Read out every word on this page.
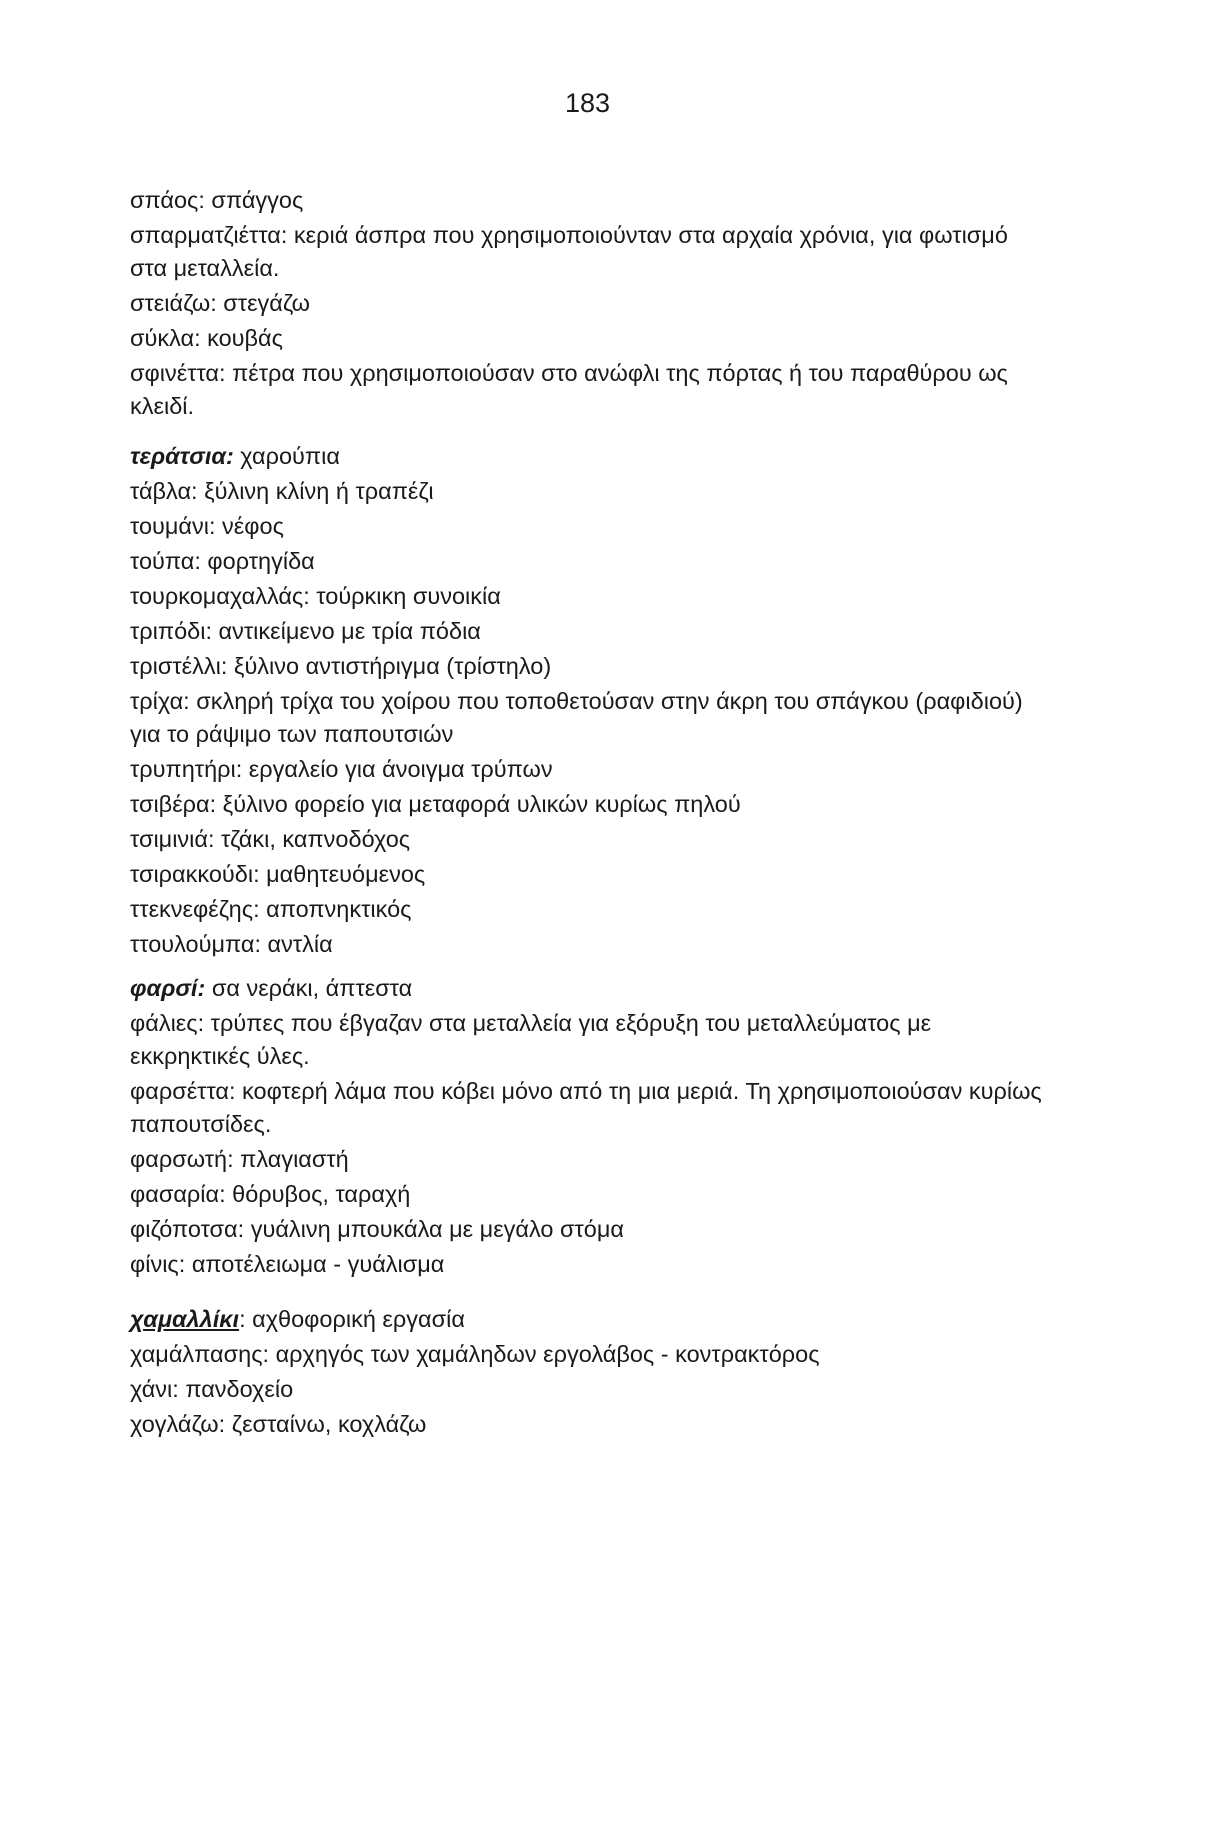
183

σπάος: σπάγγος

σπαρματζιέττα: κεριά άσπρα που χρησιμοποιούνταν στα αρχαία χρόνια, για φωτισμό στα μεταλλεία.

στειάζω: στεγάζω

σύκλα: κουβάς

σφινέττα: πέτρα που χρησιμοποιούσαν στο ανώφλι της πόρτας ή του παραθύρου ως κλειδί.

τεράτσια: χαρούπια

τάβλα: ξύλινη κλίνη ή τραπέζι

τουμάνι: νέφος

τούπα: φορτηγίδα

τουρκομαχαλλάς: τούρκικη συνοικία

τριπόδι: αντικείμενο με τρία πόδια

τριστέλλι: ξύλινο αντιστήριγμα (τρίστηλο)

τρίχα: σκληρή τρίχα του χοίρου που τοποθετούσαν στην άκρη του σπάγκου (ραφιδιού) για το ράψιμο των παπουτσιών

τρυπητήρι: εργαλείο για άνοιγμα τρύπων

τσιβέρα: ξύλινο φορείο για μεταφορά υλικών κυρίως πηλού

τσιμινιά: τζάκι, καπνοδόχος

τσιρακκούδι: μαθητευόμενος

ττεκνεφέζης: αποπνηκτικός

ττουλούμπα: αντλία

φαρσί: σα νεράκι, άπτεστα

φάλιες: τρύπες που έβγαζαν στα μεταλλεία για εξόρυξη του μεταλλεύματος με εκκρηκτικές ύλες.

φαρσέττα: κοφτερή λάμα που κόβει μόνο από τη μια μεριά. Τη χρησιμοποιούσαν κυρίως παπουτσίδες.

φαρσωτή: πλαγιαστή

φασαρία: θόρυβος, ταραχή

φιζόποτσα: γυάλινη μπουκάλα με μεγάλο στόμα

φίνις: αποτέλειωμα - γυάλισμα

χαμαλλίκι: αχθοφορική εργασία

χαμάλπασης: αρχηγός των χαμάληδων εργολάβος - κοντρακτόρος

χάνι: πανδοχείο

χογλάζω: ζεσταίνω, κοχλάζω
